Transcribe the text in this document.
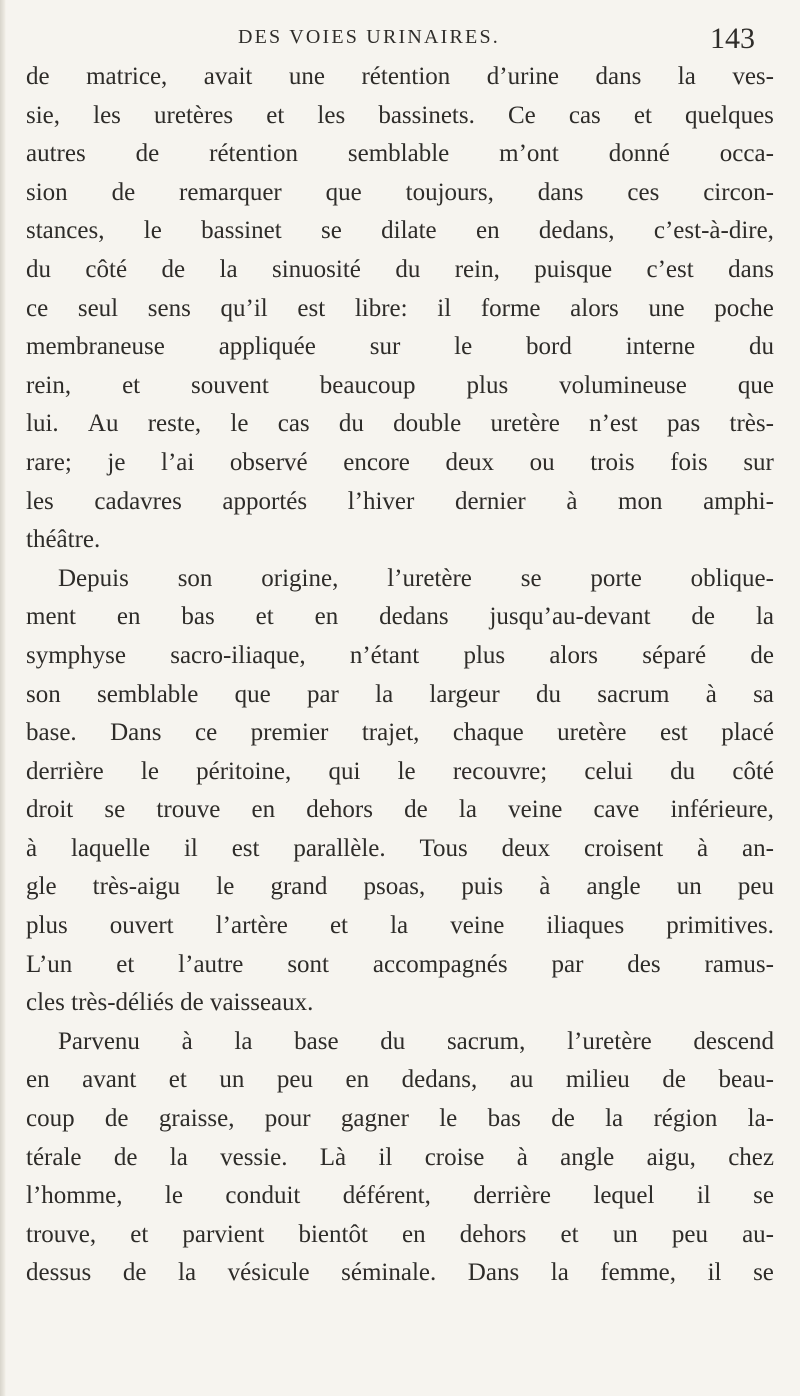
DES VOIES URINAIRES.	143
de matrice, avait une rétention d’urine dans la ves-
sie, les uretères et les bassinets. Ce cas et quelques
autres de rétention semblable m’ont donné occa-
sion de remarquer que toujours, dans ces circon-
stances, le bassinet se dilate en dedans, c’est-à-dire,
du côté de la sinuosité du rein, puisque c’est dans
ce seul sens qu’il est libre: il forme alors une poche
membraneuse appliquée sur le bord interne du
rein, et souvent beaucoup plus volumineuse que
lui. Au reste, le cas du double uretère n’est pas très-
rare; je l’ai observé encore deux ou trois fois sur
les cadavres apportés l’hiver dernier à mon amphi-
théâtre.
Depuis son origine, l’uretère se porte oblique-
ment en bas et en dedans jusqu’au-devant de la
symphyse sacro-iliaque, n’étant plus alors séparé de
son semblable que par la largeur du sacrum à sa
base. Dans ce premier trajet, chaque uretère est placé
derrière le péritoine, qui le recouvre; celui du côté
droit se trouve en dehors de la veine cave inférieure,
à laquelle il est parallèle. Tous deux croisent à an-
gle très-aigu le grand psoas, puis à angle un peu
plus ouvert l’artère et la veine iliaques primitives.
L’un et l’autre sont accompagnés par des ramus-
cles très-déliés de vaisseaux.
Parvenu à la base du sacrum, l’uretère descend
en avant et un peu en dedans, au milieu de beau-
coup de graisse, pour gagner le bas de la région la-
térale de la vessie. Là il croise à angle aigu, chez
l’homme, le conduit déférent, derrière lequel il se
trouve, et parvient bientôt en dehors et un peu au-
dessus de la vésicule séminale. Dans la femme, il se
